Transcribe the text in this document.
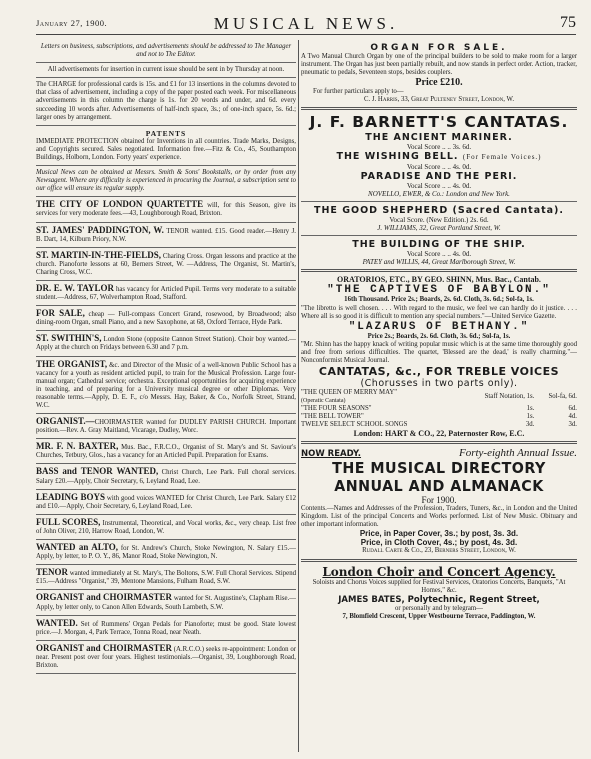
January 27, 1900.	MUSICAL NEWS.	75
Letters on business, subscriptions, and advertisements should be addressed to The Manager and not to The Editor.
All advertisements for insertion in current issue should be sent in by Thursday at noon.
The CHARGE for professional cards is 15s. and £1 for 13 insertions in the columns devoted to that class of advertisement, including a copy of the paper posted each week. For miscellaneous advertisements in this column the charge is 1s. for 20 words and under, and 6d. every succeeding 10 words after. Advertisements of half-inch space, 3s.; of one-inch space, 5s. 6d.; larger ones by arrangement.
PATENTS
IMMEDIATE PROTECTION obtained for Inventions in all countries. Trade Marks, Designs, and Copyrights secured. Sales negotiated. Information free.—Fitz & Co., 45, Southampton Buildings, Holborn, London. Forty years' experience.
Musical News can be obtained at Messrs. Smith & Sons' Bookstalls, or by order from any Newsagent. Where any difficulty is experienced in procuring the Journal, a subscription sent to our office will ensure its regular supply.
THE CITY OF LONDON QUARTETTE will, for this Season, give its services for very moderate fees.—43, Loughborough Road, Brixton.
ST. JAMES' PADDINGTON, W. TENOR wanted. £15. Good reader.—Henry J. B. Dart, 14, Kilburn Priory, N.W.
ST. MARTIN-IN-THE-FIELDS, Charing Cross. Organ lessons and practice at the church. Pianoforte lessons at 60, Berners Street, W. —Address, The Organist, St. Martin's, Charing Cross, W.C.
DR. E. W. TAYLOR has vacancy for Articled Pupil. Terms very moderate to a suitable student.—Address, 67, Wolverhampton Road, Stafford.
FOR SALE, cheap — Full-compass Concert Grand, rosewood, by Broadwood; also dining-room Organ, small Piano, and a new Saxophone, at 68, Oxford Terrace, Hyde Park.
ST. SWITHIN'S, London Stone (opposite Cannon Street Station). Choir boy wanted.—Apply at the church on Fridays between 6.30 and 7 p.m.
THE ORGANIST, &c. and Director of the Music of a well-known Public School has a vacancy for a youth as resident articled pupil, to train for the Musical Profession. Large four-manual organ; Cathedral service; orchestra. Exceptional opportunities for acquiring experience in teaching, and of preparing for a University musical degree or other Diplomas. Very reasonable terms.—Apply, D. E. F., c/o Messrs. Hay, Baker, & Co., Norfolk Street, Strand, W.C.
ORGANIST.—CHOIRMASTER wanted for DUDLEY PARISH CHURCH. Important position.—Rev. A. Gray Maitland, Vicarage, Dudley, Worc.
MR. F. N. BAXTER, Mus. Bac., F.R.C.O., Organist of St. Mary's and St. Saviour's Churches, Tetbury, Glos., has a vacancy for an Articled Pupil. Preparation for Exams.
BASS and TENOR WANTED, Christ Church, Lee Park. Full choral services. Salary £20.—Apply, Choir Secretary, 6, Leyland Road, Lee.
LEADING BOYS with good voices WANTED for Christ Church, Lee Park. Salary £12 and £10.—Apply, Choir Secretary, 6, Leyland Road, Lee.
FULL SCORES, Instrumental, Theoretical, and Vocal works, &c., very cheap. List free of John Oliver, 210, Harrow Road, London, W.
WANTED an ALTO, for St. Andrew's Church, Stoke Newington, N. Salary £15.—Apply, by letter, to P. O. Y., 86, Manor Road, Stoke Newington, N.
TENOR wanted immediately at St. Mary's, The Boltons, S.W. Full Choral Services. Stipend £15.—Address "Organist," 39, Mentone Mansions, Fulham Road, S.W.
ORGANIST and CHOIRMASTER wanted for St. Augustine's, Clapham Rise.—Apply, by letter only, to Canon Allen Edwards, South Lambeth, S.W.
WANTED. Set of Rummens' Organ Pedals for Pianoforte; must be good. State lowest price.—J. Morgan, 4, Park Terrace, Tonna Road, near Neath.
ORGANIST and CHOIRMASTER (A.R.C.O.) seeks re-appointment: London or near. Present post over four years. Highest testimonials.—Organist, 39, Loughborough Road, Brixton.
ORGAN FOR SALE.
A Two Manual Church Organ by one of the principal builders to be sold to make room for a larger instrument. The Organ has just been partially rebuilt, and now stands in perfect order. Action, tracker, pneumatic to pedals, Seventeen stops, besides couplers.
Price £210.
For further particulars apply to—
C. J. Harris, 33, Great Pulteney Street, London, W.
J. F. BARNETT'S CANTATAS.
THE ANCIENT MARINER.
Vocal Score .. .. 3s. 6d.
THE WISHING BELL. (For Female Voices.)
Vocal Score .. .. 4s. 0d.
PARADISE AND THE PERI.
Vocal Score .. .. 4s. 0d.
NOVELLO, EWER, & Co.: London and New York.
THE GOOD SHEPHERD (Sacred Cantata).
Vocal Score. (New Edition.) 2s. 6d.
J. WILLIAMS, 32, Great Portland Street, W.
THE BUILDING OF THE SHIP.
Vocal Score .. .. 4s. 0d.
PATEY and WILLIS, 44, Great Marlborough Street, W.
ORATORIOS, ETC., BY GEO. SHINN, Mus. Bac., Cantab.
"THE CAPTIVES OF BABYLON."
16th Thousand. Price 2s.; Boards, 2s. 6d. Cloth, 3s. 6d.; Sol-fa, 1s.
"The libretto is well chosen. . . . With regard to the music, we feel we can hardly do it justice. . . . Where all is so good it is difficult to mention any special numbers."—United Service Gazette.
"LAZARUS OF BETHANY."
Price 2s.; Boards, 2s. 6d. Cloth, 3s. 6d.; Sol-fa, 1s.
"Mr. Shinn has the happy knack of writing popular music which is at the same time thoroughly good and free from serious difficulties. The quartet, 'Blessed are the dead,' is really charming."—Nonconformist Musical Journal.
CANTATAS, &c., FOR TREBLE VOICES
(Chorusses in two parts only).
"THE QUEEN OF MERRY MAY"
(Operatic Cantata)	Staff Notation, 1s.	Sol-fa, 6d.
"THE FOUR SEASONS"	1s.	6d.
"THE BELL TOWER"	1s.	4d.
TWELVE SELECT SCHOOL SONGS	3d.	3d.
London: HART & CO., 22, Paternoster Row, E.C.
NOW READY.	Forty-eighth Annual Issue.
THE MUSICAL DIRECTORY
ANNUAL AND ALMANACK
For 1900.
Contents.—Names and Addresses of the Profession, Traders, Tuners, &c., in London and the United Kingdom. List of the principal Concerts and Works performed. List of New Music. Obituary and other important information.
Price, in Paper Cover, 3s.; by post, 3s. 3d.
Price, in Cloth Cover, 4s.; by post, 4s. 3d.
Rudall Carte & Co., 23, Berners Street, London, W.
London Choir and Concert Agency.
Soloists and Chorus Voices supplied for Festival Services, Oratorios Concerts, Banquets, "At Homes," &c.
JAMES BATES, Polytechnic, Regent Street,
or personally and by telegram—
7, Blomfield Crescent, Upper Westbourne Terrace, Paddington, W.
